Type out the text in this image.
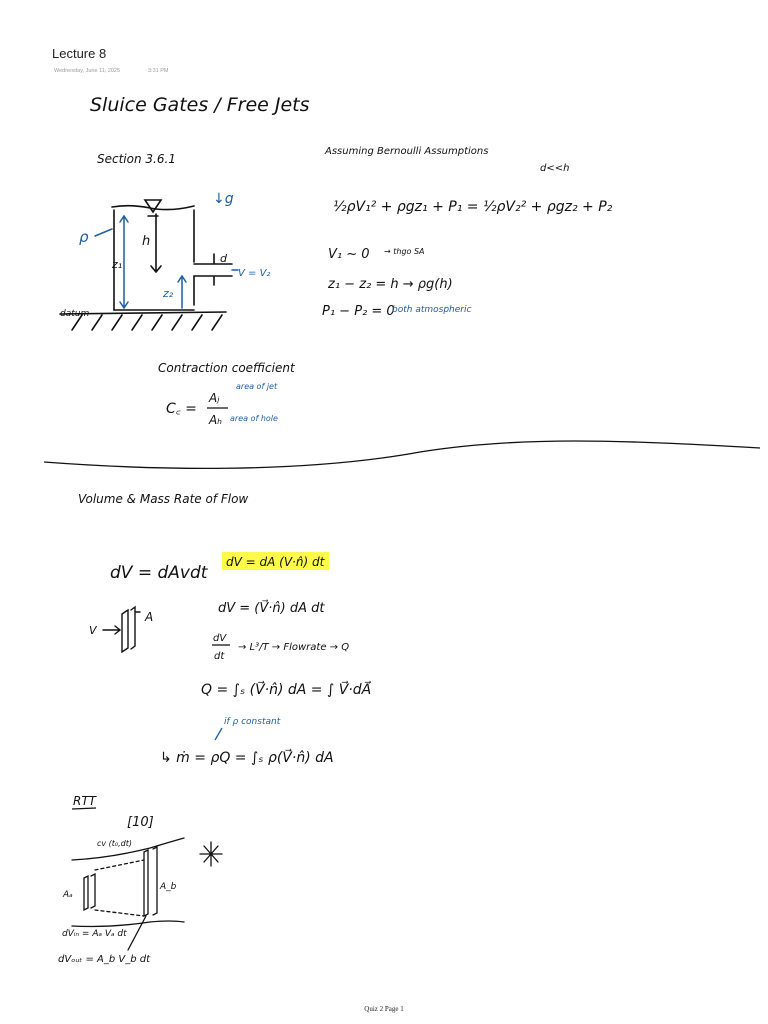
Lecture 8
Wednesday, June 11, 2025	3:31 PM
Sluice Gates / Free Jets
Section 3.6.1
↓g
ρ	h
z₁
z₂
d
V = V₂
datum
Assuming Bernoulli Assumptions
d<<h
½ρV₁² + ρgz₁ + P₁ = ½ρV₂² + ρgz₂ + P₂
V₁ ~ 0 → thgo SA
z₁ − z₂ = h → ρg(h)
P₁ − P₂ = 0
both atmospheric
Contraction coefficient
C꜀ =
Aⱼ
Aₕ
area of jet
area of hole
Volume & Mass Rate of Flow
dV = dAvdt
dV = dA (V·n̂) dt
V
A
dV = (V⃗·n̂) dA dt
dV
dt
→ L³/T → Flowrate → Q
Q = ∫ₛ (V⃗·n̂) dA = ∫ V⃗·dA⃗
if ρ constant
↳ ṁ = ρQ = ∫ₛ ρ(V⃗·n̂) dA
RTT
[10]
cv (t₀,dt)
Aₐ
A_b
dVᵢₙ = Aₐ Vₐ dt
dVₒᵤₜ = A_b V_b dt
Quiz 2 Page 1
